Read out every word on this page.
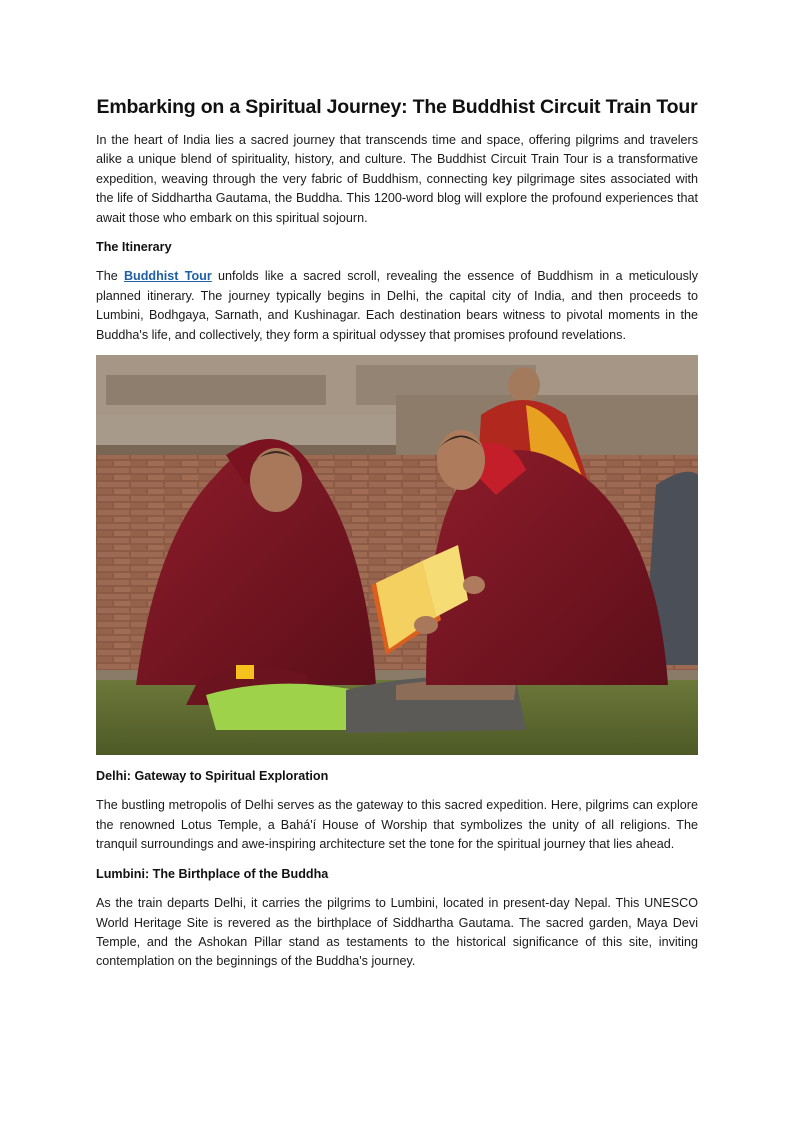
Embarking on a Spiritual Journey: The Buddhist Circuit Train Tour

In the heart of India lies a sacred journey that transcends time and space, offering pilgrims and travelers alike a unique blend of spirituality, history, and culture. The Buddhist Circuit Train Tour is a transformative expedition, weaving through the very fabric of Buddhism, connecting key pilgrimage sites associated with the life of Siddhartha Gautama, the Buddha. This 1200-word blog will explore the profound experiences that await those who embark on this spiritual sojourn.

The Itinerary

The Buddhist Tour unfolds like a sacred scroll, revealing the essence of Buddhism in a meticulously planned itinerary. The journey typically begins in Delhi, the capital city of India, and then proceeds to Lumbini, Bodhgaya, Sarnath, and Kushinagar. Each destination bears witness to pivotal moments in the Buddha's life, and collectively, they form a spiritual odyssey that promises profound revelations.

Delhi: Gateway to Spiritual Exploration

The bustling metropolis of Delhi serves as the gateway to this sacred expedition. Here, pilgrims can explore the renowned Lotus Temple, a Bahá'í House of Worship that symbolizes the unity of all religions. The tranquil surroundings and awe-inspiring architecture set the tone for the spiritual journey that lies ahead.

Lumbini: The Birthplace of the Buddha

As the train departs Delhi, it carries the pilgrims to Lumbini, located in present-day Nepal. This UNESCO World Heritage Site is revered as the birthplace of Siddhartha Gautama. The sacred garden, Maya Devi Temple, and the Ashokan Pillar stand as testaments to the historical significance of this site, inviting contemplation on the beginnings of the Buddha's journey.
